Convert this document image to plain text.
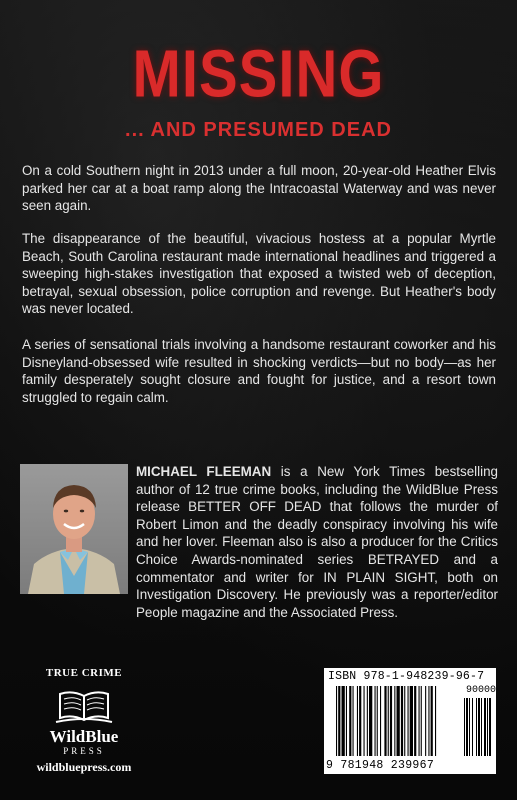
MISSING
... AND PRESUMED DEAD

On a cold Southern night in 2013 under a full moon, 20-year-old Heather Elvis parked her car at a boat ramp along the Intracoastal Waterway and was never seen again.

The disappearance of the beautiful, vivacious hostess at a popular Myrtle Beach, South Carolina restaurant made international headlines and triggered a sweeping high-stakes investigation that exposed a twisted web of deception, betrayal, sexual obsession, police corruption and revenge. But Heather's body was never located.

A series of sensational trials involving a handsome restaurant coworker and his Disneyland-obsessed wife resulted in shocking verdicts—but no body—as her family desperately sought closure and fought for justice, and a resort town struggled to regain calm.

MICHAEL FLEEMAN is a New York Times bestselling author of 12 true crime books, including the WildBlue Press release BETTER OFF DEAD that follows the murder of Robert Limon and the deadly conspiracy involving his wife and her lover. Fleeman also is also a producer for the Critics Choice Awards-nominated series BETRAYED and a commentator and writer for IN PLAIN SIGHT, both on Investigation Discovery. He previously was a reporter/editor People magazine and the Associated Press.

TRUE CRIME
WildBlue
PRESS
wildbluepress.com
ISBN 978-1-948239-96-7
90000
9 781948 239967
